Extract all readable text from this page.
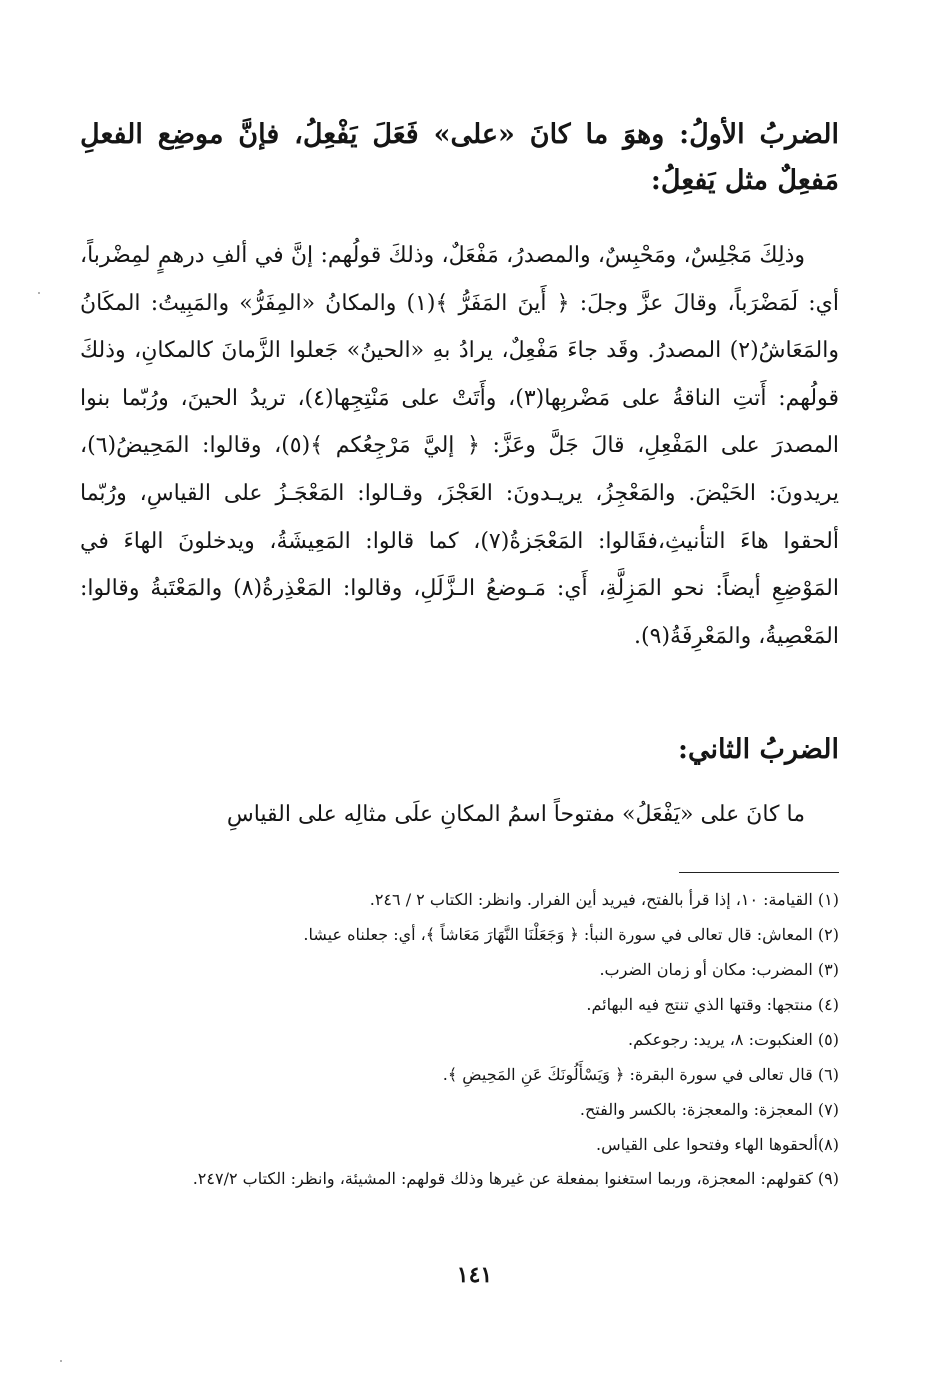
الضربُ الأولُ: وهوَ ما كانَ «على» فَعَلَ يَفْعِلُ، فإنَّ موضِع الفعلِ مَفعِلٌ مثل يَفعِلُ:
وذلِكَ مَجْلِسٌ، ومَحْبِسٌ، والمصدرُ، مَفْعَلٌ، وذلكَ قولُهم: إنَّ في ألفِ درهمٍ لمِضْرباً، أي: لَمَضْرَباً، وقالَ عزَّ وجلَ: ﴿ أَينَ المَفَرُّ ﴾(١) والمكانُ «المِفَرُّ» والمَبِيتُ: المكَانُ والمَعَاشُ(٢) المصدرُ. وقَد جاءَ مَفْعِلٌ، يرادُ بهِ «الحينُ» جَعلوا الزَّمانَ كالمكانِ، وذلكَ قولُهم: أَتتِ الناقةُ على مَضْربِها(٣)، وأَتَتْ على مَنْتِجِها(٤)، تريدُ الحينَ، ورُبّما بنوا المصدرَ على المَفْعِلِ، قالَ جَلَّ وعَزَّ: ﴿ إليَّ مَرْجِعُكم ﴾(٥)، وقالوا: المَحِيضُ(٦)، يريدونَ: الحَيْضَ. والمَعْجِزُ، يريـدونَ: العَجْزَ، وقـالوا: المَعْجَـزُ على القياسِ، ورُبّما ألحقوا هاءَ التأنيثِ،فقَالوا: المَعْجَزةُ(٧)، كما قالوا: المَعِيشَةُ، ويدخلونَ الهاءَ في المَوْضِعِ أيضاً: نحو المَزِلَّةِ، أَي: مَـوضعُ الـزَّلَلِ، وقالوا: المَعْذِرةُ(٨) والمَعْتَبةُ وقالوا: المَعْصِيةُ، والمَعْرِفَةُ(٩).
الضربُ الثاني:
ما كانَ على «يَفْعَلُ» مفتوحاً اسمُ المكانِ علَى مثالِه على القياسِ
(١) القيامة: ١٠، إذا قرأ بالفتح، فيريد أين الفرار. وانظر: الكتاب ٢ / ٢٤٦.
(٢) المعاش: قال تعالى في سورة النبأ: ﴿ وَجَعَلْنَا النَّهَارَ مَعَاشاً ﴾، أي: جعلناه عيشا.
(٣) المضرب: مكان أو زمان الضرب.
(٤) منتجها: وقتها الذي تنتج فيه البهائم.
(٥) العنكبوت: ٨، يريد: رجوعكم.
(٦) قال تعالى في سورة البقرة: ﴿ وَيَسْأَلُونَكَ عَنِ المَحِيضِ ﴾.
(٧) المعجزة: والمعجزة: بالكسر والفتح.
(٨)ألحقوها الهاء وفتحوا على القياس.
(٩) كقولهم: المعجزة، وربما استغنوا بمفعلة عن غيرها وذلك قولهم: المشيئة، وانظر: الكتاب ٢٤٧/٢.
١٤١
